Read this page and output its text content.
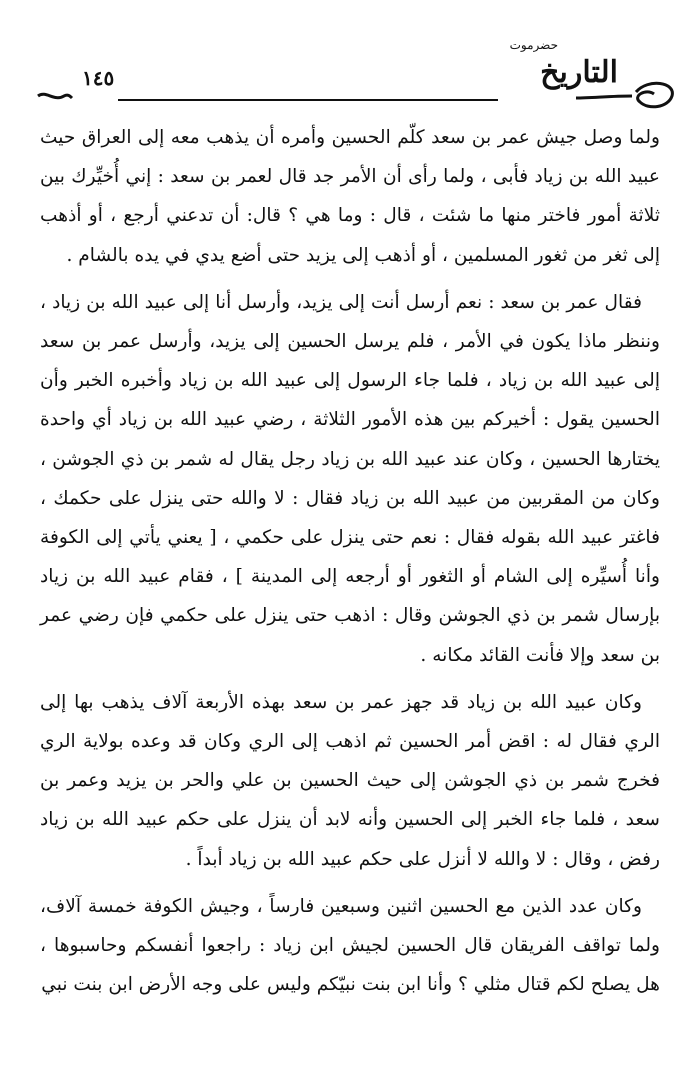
١٤٥
حضرموت
التاريخ

ولما وصل جيش عمر بن سعد كلّم الحسين وأمره أن يذهب معه إلى العراق حيث عبيد الله بن زياد فأبى ، ولما رأى أن الأمر جد قال لعمر بن سعد : إني أُخيِّرك بين ثلاثة أمور فاختر منها ما شئت ، قال : وما هي ؟ قال: أن تدعني أرجع ، أو أذهب إلى ثغر من ثغور المسلمين ، أو أذهب إلى يزيد حتى أضع يدي في يده بالشام .

فقال عمر بن سعد : نعم أرسل أنت إلى يزيد، وأرسل أنا إلى عبيد الله بن زياد ، وننظر ماذا يكون في الأمر ، فلم يرسل الحسين إلى يزيد، وأرسل عمر بن سعد إلى عبيد الله بن زياد ، فلما جاء الرسول إلى عبيد الله بن زياد وأخبره الخبر وأن الحسين يقول : أخيركم بين هذه الأمور الثلاثة ، رضي عبيد الله بن زياد أي واحدة يختارها الحسين ، وكان عند عبيد الله بن زياد رجل يقال له شمر بن ذي الجوشن ، وكان من المقربين من عبيد الله بن زياد فقال : لا والله حتى ينزل على حكمك ، فاغتر عبيد الله بقوله فقال : نعم حتى ينزل على حكمي ، [ يعني يأتي إلى الكوفة وأنا أُسيِّره إلى الشام أو الثغور أو أرجعه إلى المدينة ] ، فقام عبيد الله بن زياد بإرسال شمر بن ذي الجوشن وقال : اذهب حتى ينزل على حكمي فإن رضي عمر بن سعد وإلا فأنت القائد مكانه .

وكان عبيد الله بن زياد قد جهز عمر بن سعد بهذه الأربعة آلاف يذهب بها إلى الري فقال له : اقض أمر الحسين ثم اذهب إلى الري وكان قد وعده بولاية الري فخرج شمر بن ذي الجوشن إلى حيث الحسين بن علي والحر بن يزيد وعمر بن سعد ، فلما جاء الخبر إلى الحسين وأنه لابد أن ينزل على حكم عبيد الله بن زياد رفض ، وقال : لا والله لا أنزل على حكم عبيد الله بن زياد أبداً .

وكان عدد الذين مع الحسين اثنين وسبعين فارساً ، وجيش الكوفة خمسة آلاف، ولما تواقف الفريقان قال الحسين لجيش ابن زياد : راجعوا أنفسكم وحاسبوها ، هل يصلح لكم قتال مثلي ؟ وأنا ابن بنت نبيّكم وليس على وجه الأرض ابن بنت نبي
